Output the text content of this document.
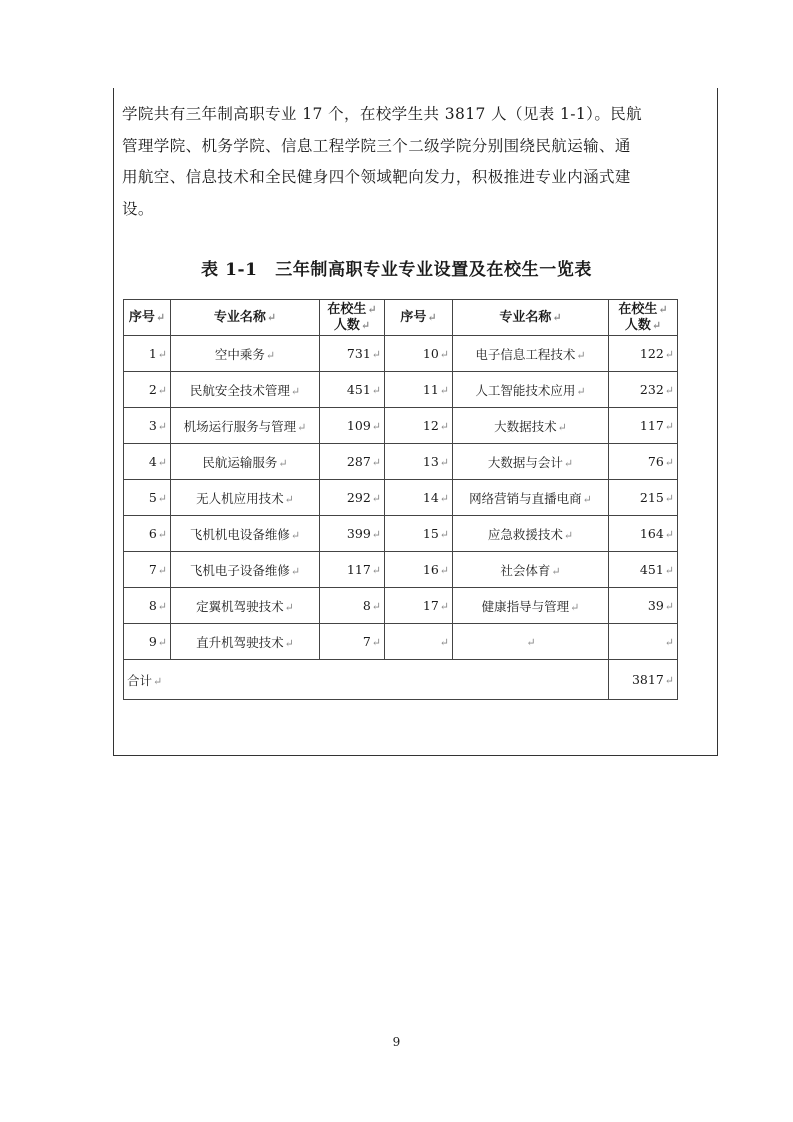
学院共有三年制高职专业 17 个，在校学生共 3817 人（见表 1-1）。民航

管理学院、机务学院、信息工程学院三个二级学院分别围绕民航运输、通

用航空、信息技术和全民健身四个领域靶向发力，积极推进专业内涵式建

设。

表 1-1　三年制高职专业专业设置及在校生一览表
序号↵	专业名称↵	在校生↵
人数↵	序号↵	专业名称↵	在校生↵
人数↵
1↵	空中乘务↵	731↵	10↵	电子信息工程技术↵	122↵
2↵	民航安全技术管理↵	451↵	11↵	人工智能技术应用↵	232↵
3↵	机场运行服务与管理↵	109↵	12↵	大数据技术↵	117↵
4↵	民航运输服务↵	287↵	13↵	大数据与会计↵	76↵
5↵	无人机应用技术↵	292↵	14↵	网络营销与直播电商↵	215↵
6↵	飞机机电设备维修↵	399↵	15↵	应急救援技术↵	164↵
7↵	飞机电子设备维修↵	117↵	16↵	社会体育↵	451↵
8↵	定翼机驾驶技术↵	8↵	17↵	健康指导与管理↵	39↵
9↵	直升机驾驶技术↵	7↵	↵	↵	↵
合计↵					3817↵

9
